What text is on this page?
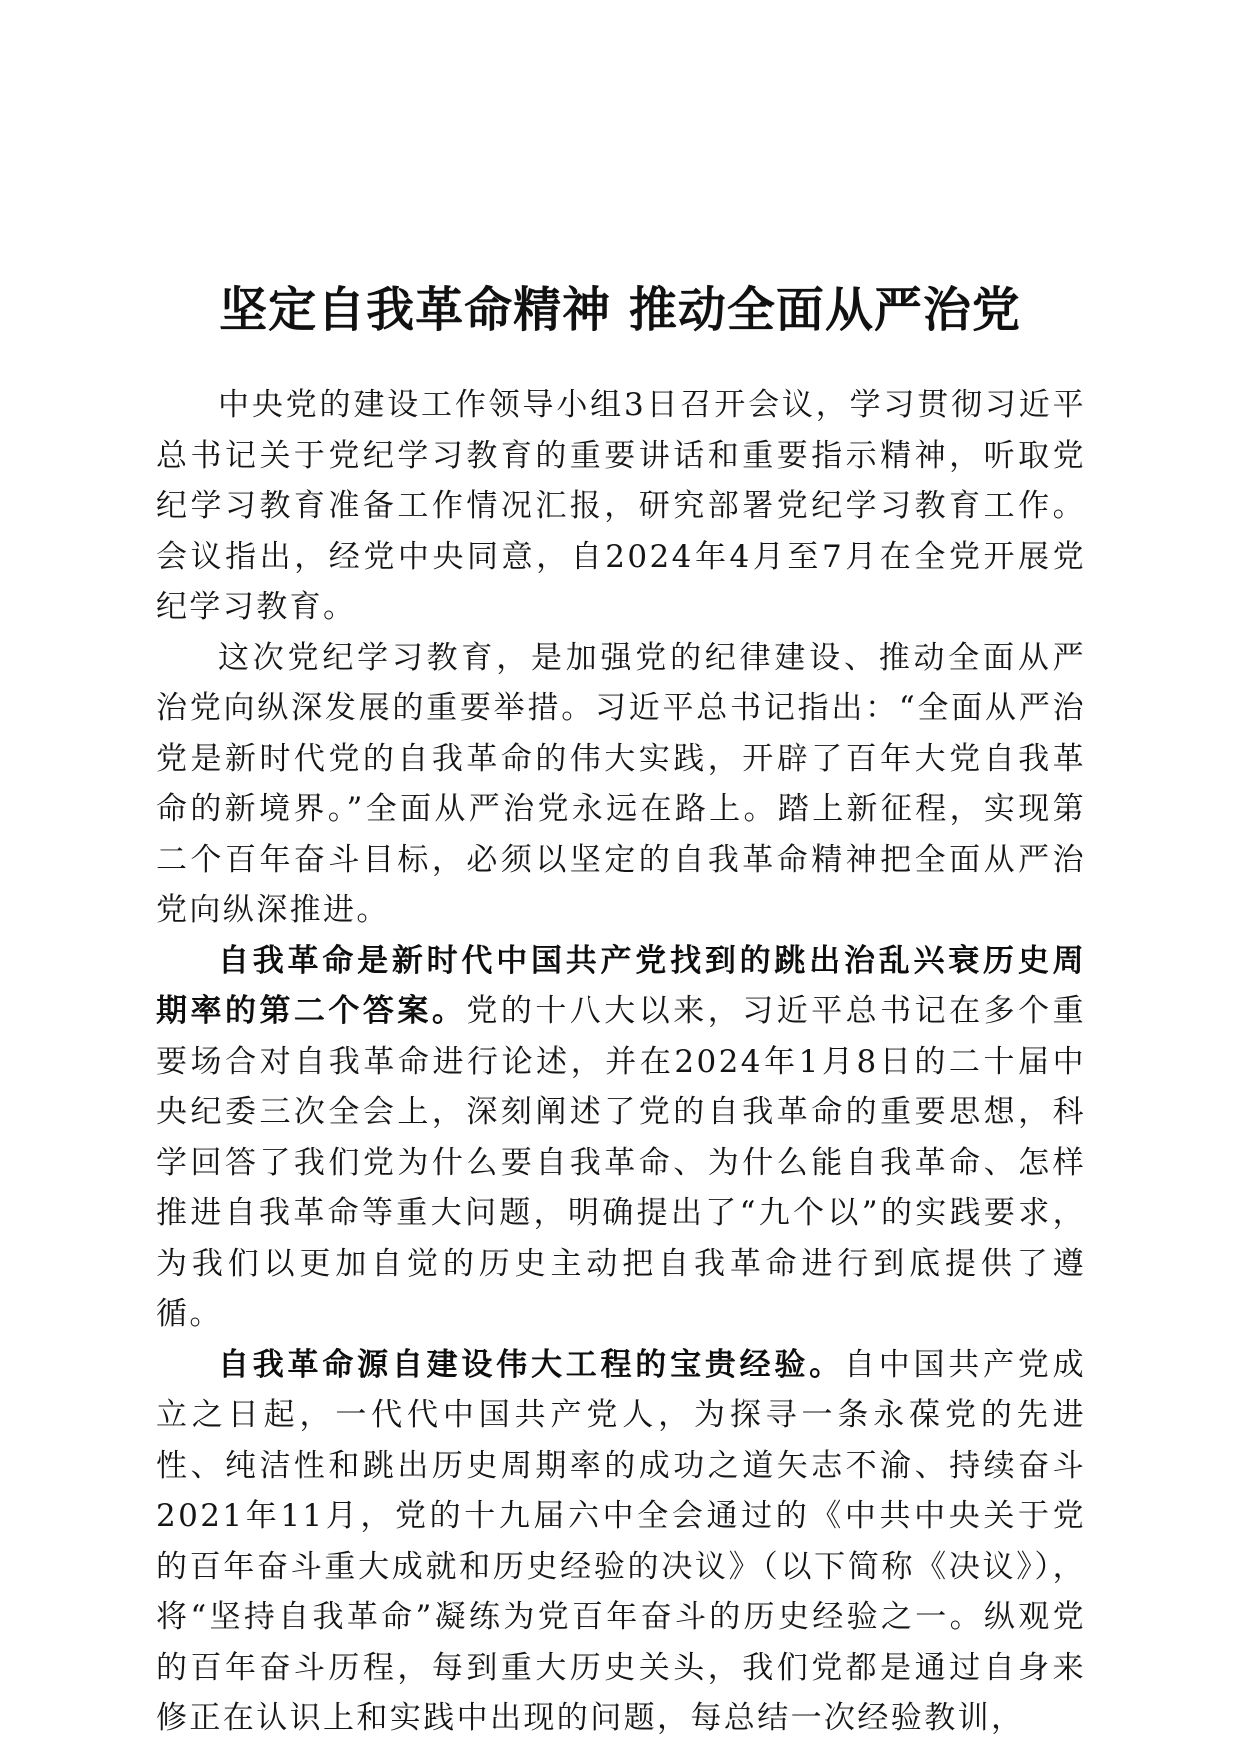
坚定自我革命精神 推动全面从严治党

中央党的建设工作领导小组3日召开会议，学习贯彻习近平总书记关于党纪学习教育的重要讲话和重要指示精神，听取党纪学习教育准备工作情况汇报，研究部署党纪学习教育工作。会议指出，经党中央同意，自2024年4月至7月在全党开展党纪学习教育。

这次党纪学习教育，是加强党的纪律建设、推动全面从严治党向纵深发展的重要举措。习近平总书记指出：“全面从严治党是新时代党的自我革命的伟大实践，开辟了百年大党自我革命的新境界。”全面从严治党永远在路上。踏上新征程，实现第二个百年奋斗目标，必须以坚定的自我革命精神把全面从严治党向纵深推进。

自我革命是新时代中国共产党找到的跳出治乱兴衰历史周期率的第二个答案。党的十八大以来，习近平总书记在多个重要场合对自我革命进行论述，并在2024年1月8日的二十届中央纪委三次全会上，深刻阐述了党的自我革命的重要思想，科学回答了我们党为什么要自我革命、为什么能自我革命、怎样推进自我革命等重大问题，明确提出了“九个以”的实践要求，为我们以更加自觉的历史主动把自我革命进行到底提供了遵循。

自我革命源自建设伟大工程的宝贵经验。自中国共产党成立之日起，一代代中国共产党人，为探寻一条永葆党的先进性、纯洁性和跳出历史周期率的成功之道矢志不渝、持续奋斗2021年11月，党的十九届六中全会通过的《中共中央关于党的百年奋斗重大成就和历史经验的决议》（以下简称《决议》），将“坚持自我革命”凝练为党百年奋斗的历史经验之一。纵观党的百年奋斗历程，每到重大历史关头，我们党都是通过自身来修正在认识上和实践中出现的问题，每总结一次经验教训，
